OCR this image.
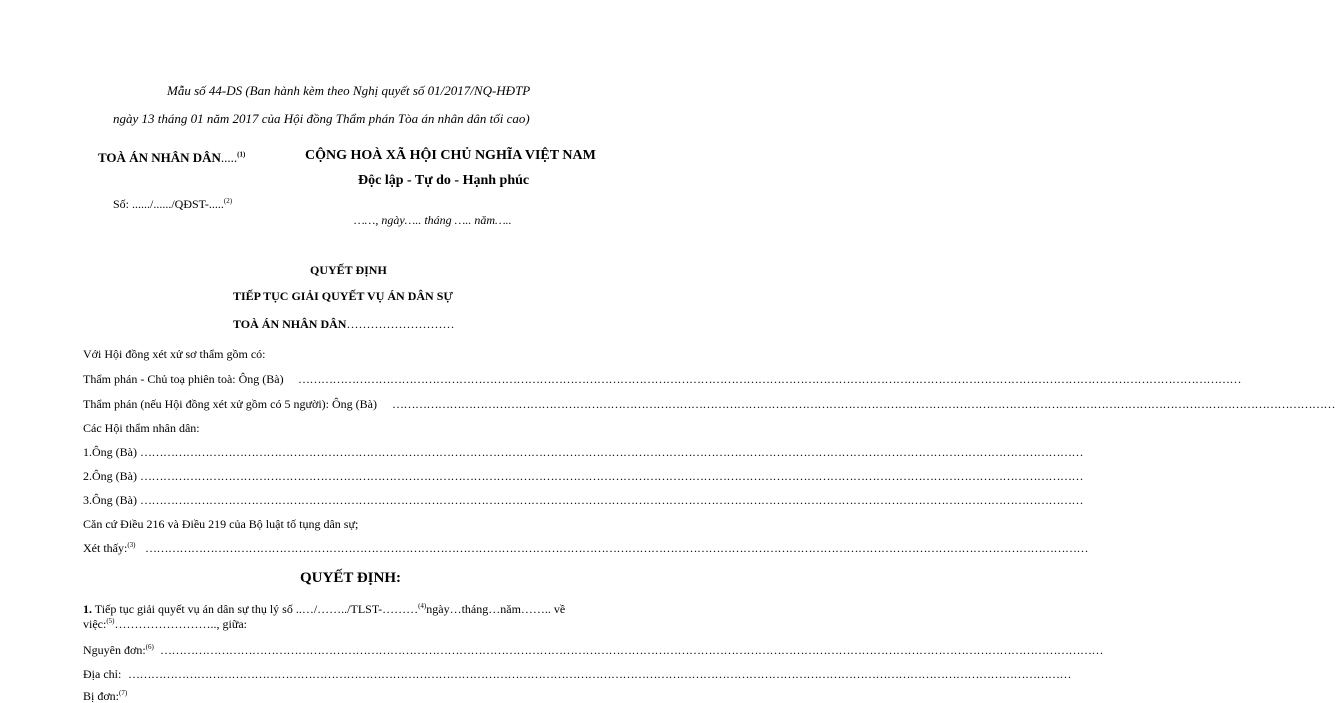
Mẫu số 44-DS (Ban hành kèm theo Nghị quyết số 01/2017/NQ-HĐTP
ngày 13 tháng 01 năm 2017 của Hội đồng Thẩm phán Tòa án nhân dân tối cao)
TOÀ ÁN NHÂN DÂN.....$^{(1)}$
Số: ....../....../QĐST-.....$^{(2)}$
CỘNG HOÀ XÃ HỘI CHỦ NGHĨA VIỆT NAM
Độc lập - Tự do - Hạnh phúc
……, ngày….. tháng ….. năm…..
QUYẾT ĐỊNH
TIẾP TỤC GIẢI QUYẾT VỤ ÁN DÂN SỰ
TOÀ ÁN NHÂN DÂN………………………
Với Hội đồng xét xử sơ thẩm gồm có:
Thẩm phán - Chủ toạ phiên toà: Ông (Bà) …………………………………………………………………………………………………………………………………………………………………………………………………………………………
Thẩm phán (nếu Hội đồng xét xử gồm có 5 người): Ông (Bà) …………………………………………………………………………………………………………………………………………………………………………………………………………………………
Các Hội thẩm nhân dân:
1.Ông (Bà) …………………………………………………………………………………………………………………………………………………………………………………………………………………………
2.Ông (Bà) …………………………………………………………………………………………………………………………………………………………………………………………………………………………
3.Ông (Bà) …………………………………………………………………………………………………………………………………………………………………………………………………………………………
Căn cứ Điều 216 và Điều 219 của Bộ luật tố tụng dân sự;
Xét thấy:$^{(3)}$ …………………………………………………………………………………………………………………………………………………………………………………………………………………………
QUYẾT ĐỊNH:
1. Tiếp tục giải quyết vụ án dân sự thụ lý số ..…/……../TLST-………$^{(4)}$ngày…tháng…năm…….. về
việc:$^{(5)}$…………………….., giữa:
Nguyên đơn:$^{(6)}$ …………………………………………………………………………………………………………………………………………………………………………………………………………………………
Địa chỉ: …………………………………………………………………………………………………………………………………………………………………………………………………………………………
Bị đơn:$^{(7)}$
